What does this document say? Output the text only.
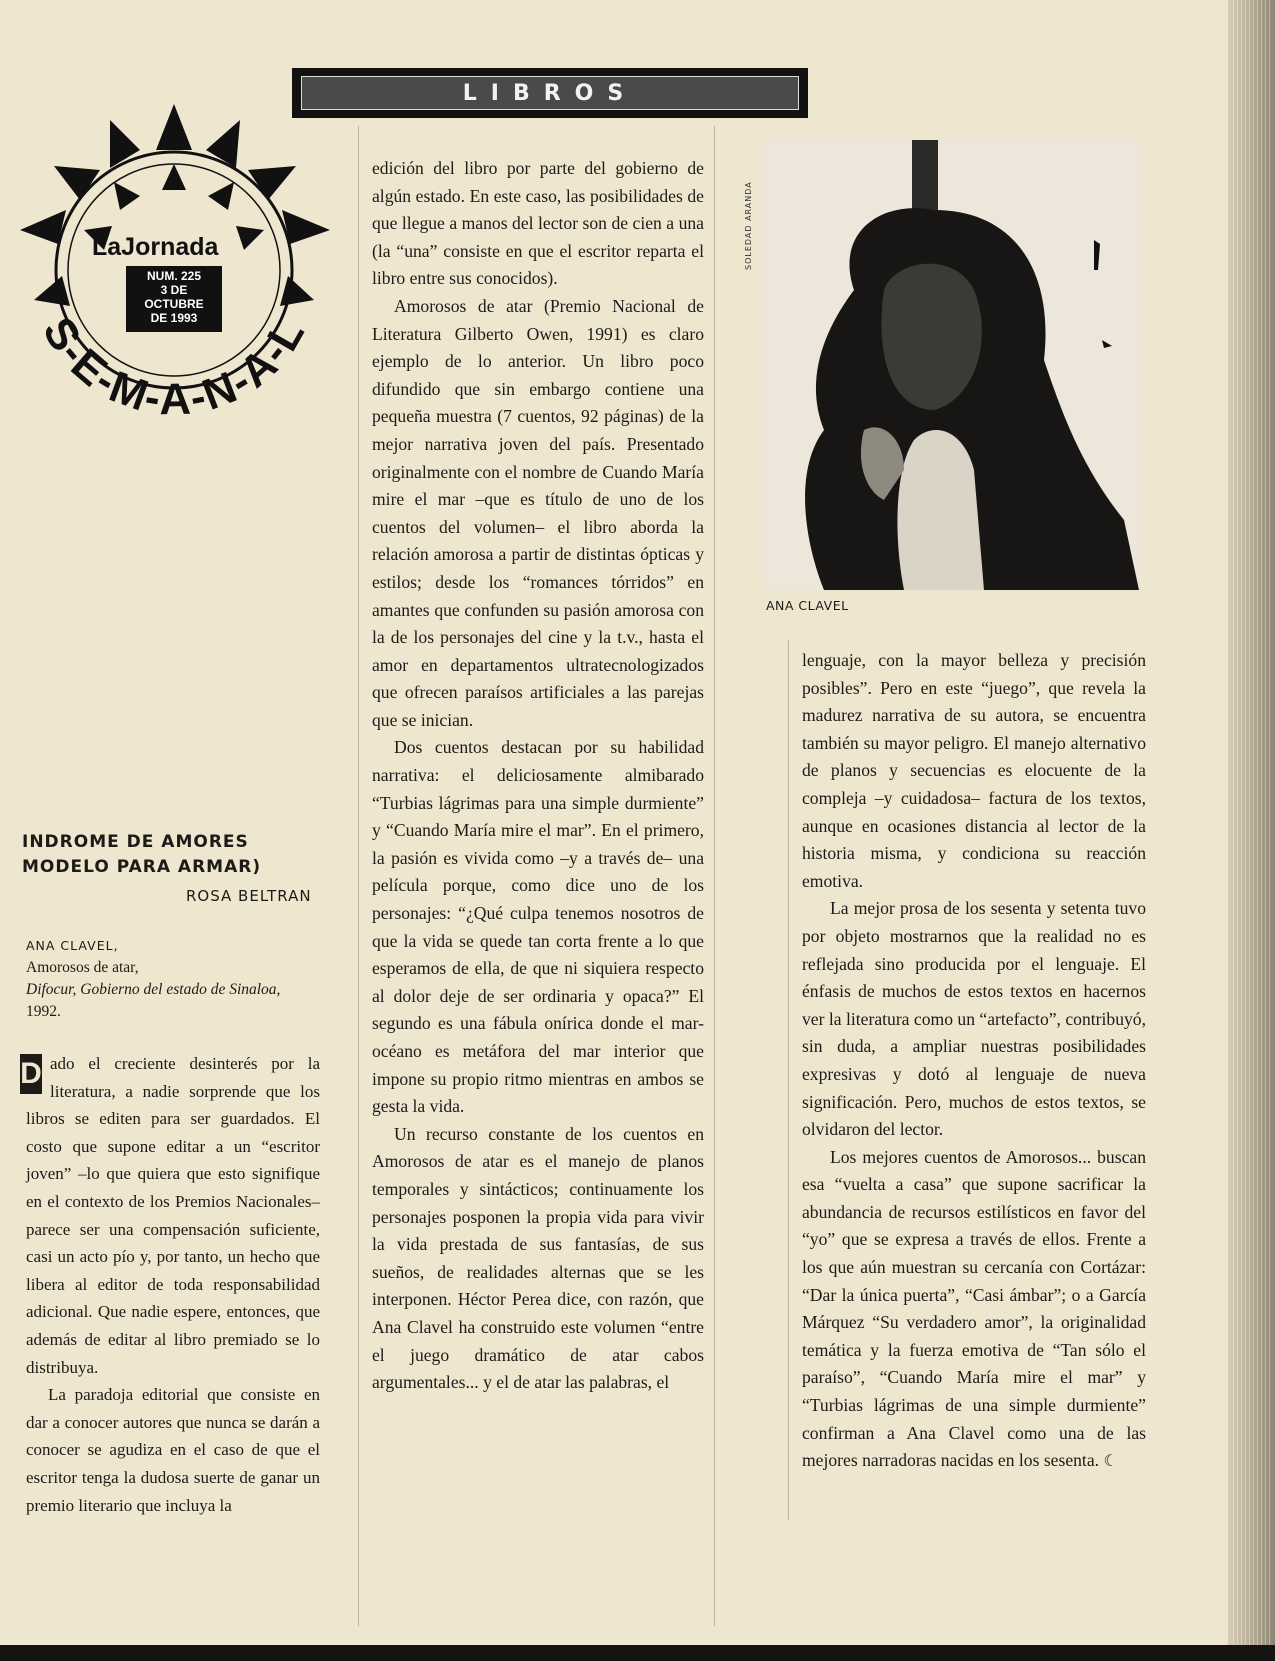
LIBROS
LaJornada
NUM. 225
3 DE
OCTUBRE
DE 1993
S-E-M-A-N-A-L
INDROME DE AMORES
MODELO PARA ARMAR)
ROSA BELTRAN
ANA CLAVEL,
Amorosos de atar,
Difocur, Gobierno del estado de Sinaloa,
1992.

D ado el creciente desinterés por la literatura, a nadie sorprende que los libros se editen para ser guardados. El costo que supone editar a un “escritor joven” –lo que quiera que esto signifique en el contexto de los Premios Nacionales– parece ser una compensación suficiente, casi un acto pío y, por tanto, un hecho que libera al editor de toda responsabilidad adicional. Que nadie espere, entonces, que además de editar al libro premiado se lo distribuya.

La paradoja editorial que consiste en dar a conocer autores que nunca se darán a conocer se agudiza en el caso de que el escritor tenga la dudosa suerte de ganar un premio literario que incluya la

edición del libro por parte del gobierno de algún estado. En este caso, las posibilidades de que llegue a manos del lector son de cien a una (la “una” consiste en que el escritor reparta el libro entre sus conocidos).

Amorosos de atar (Premio Nacional de Literatura Gilberto Owen, 1991) es claro ejemplo de lo anterior. Un libro poco difundido que sin embargo contiene una pequeña muestra (7 cuentos, 92 páginas) de la mejor narrativa joven del país. Presentado originalmente con el nombre de Cuando María mire el mar –que es título de uno de los cuentos del volumen– el libro aborda la relación amorosa a partir de distintas ópticas y estilos; desde los “romances tórridos” en amantes que confunden su pasión amorosa con la de los personajes del cine y la t.v., hasta el amor en departamentos ultratecnologizados que ofrecen paraísos artificiales a las parejas que se inician.

Dos cuentos destacan por su habilidad narrativa: el deliciosamente almibarado “Turbias lágrimas para una simple durmiente” y “Cuando María mire el mar”. En el primero, la pasión es vivida como –y a través de– una película porque, como dice uno de los personajes: “¿Qué culpa tenemos nosotros de que la vida se quede tan corta frente a lo que esperamos de ella, de que ni siquiera respecto al dolor deje de ser ordinaria y opaca?” El segundo es una fábula onírica donde el mar-océano es metáfora del mar interior que impone su propio ritmo mientras en ambos se gesta la vida.

Un recurso constante de los cuentos en Amorosos de atar es el manejo de planos temporales y sintácticos; continuamente los personajes posponen la propia vida para vivir la vida prestada de sus fantasías, de sus sueños, de realidades alternas que se les interponen. Héctor Perea dice, con razón, que Ana Clavel ha construido este volumen “entre el juego dramático de atar cabos argumentales... y el de atar las palabras, el

SOLEDAD ARANDA
ANA CLAVEL

lenguaje, con la mayor belleza y precisión posibles”. Pero en este “juego”, que revela la madurez narrativa de su autora, se encuentra también su mayor peligro. El manejo alternativo de planos y secuencias es elocuente de la compleja –y cuidadosa– factura de los textos, aunque en ocasiones distancia al lector de la historia misma, y condiciona su reacción emotiva.

La mejor prosa de los sesenta y setenta tuvo por objeto mostrarnos que la realidad no es reflejada sino producida por el lenguaje. El énfasis de muchos de estos textos en hacernos ver la literatura como un “artefacto”, contribuyó, sin duda, a ampliar nuestras posibilidades expresivas y dotó al lenguaje de nueva significación. Pero, muchos de estos textos, se olvidaron del lector.

Los mejores cuentos de Amorosos... buscan esa “vuelta a casa” que supone sacrificar la abundancia de recursos estilísticos en favor del “yo” que se expresa a través de ellos. Frente a los que aún muestran su cercanía con Cortázar: “Dar la única puerta”, “Casi ámbar”; o a García Márquez “Su verdadero amor”, la originalidad temática y la fuerza emotiva de “Tan sólo el paraíso”, “Cuando María mire el mar” y “Turbias lágrimas de una simple durmiente” confirman a Ana Clavel como una de las mejores narradoras nacidas en los sesenta. ☾
